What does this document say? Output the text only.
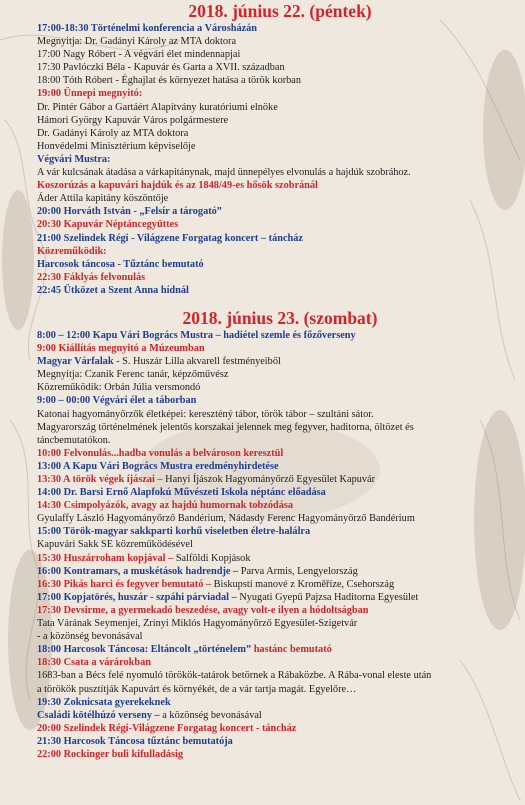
2018. június 22. (péntek)
17:00-18:30 Történelmi konferencia a Városházán
Megnyitja: Dr. Gadányi Károly az MTA doktora
17:00 Nagy Róbert - A végvári élet mindennapjai
17:30 Pavlóczki Béla - Kapuvár és Garta a XVII. században
18:00 Tóth Róbert - Éghajlat és környezet hatása a török korban
19:00 Ünnepi megnyitó:
Dr. Pintér Gábor a Gartáért Alapítvány kuratóriumi elnöke
Hámori György Kapuvár Város polgármestere
Dr. Gadányi Károly az MTA doktora
Honvédelmi Minisztérium képviselője
Végvári Mustra:
A vár kulcsának átadása a várkapitánynak, majd ünnepélyes elvonulás a hajdúk szobrához.
Koszorúzás a kapuvári hajdúk és az 1848/49-es hősök szobránál
Áder Attila kapitány köszöntője
20:00 Horváth István - „Felsír a tárogató”
20:30 Kapuvár Néptáncegyüttes
21:00 Szelindek Régi - Világzene Forgatag koncert – táncház
Közreműködik:
Harcosok táncosa - Tűztánc bemutató
22:30 Fáklyás felvonulás
22:45 Ütközet a Szent Anna hídnál
2018. június 23. (szombat)
8:00 – 12:00 Kapu Vári Bogrács Mustra – hadiétel szemle és főzőverseny
9:00 Kiállítás megnyitó a Múzeumban
Magyar Várfalak - S. Huszár Lilla akvarell festményeiből
Megnyitja: Czanik Ferenc tanár, képzőművész
Közreműködik: Orbán Júlia versmondó
9:00 – 00:00 Végvári élet a táborban
Katonai hagyományőrzők életképei: kereszténý tábor, török tábor – szultáni sátor.
Magyarország történelmének jelentős korszakai jelennek meg fegyver, haditorna, öltözet és
táncbemutatókon.
10:00 Felvonulás...hadba vonulás a belvároson keresztül
13:00 A Kapu Vári Bogrács Mustra eredményhirdetése
13:30 A török végek íjászai – Hanyi Íjászok Hagyományőrző Egyesület Kapuvár
14:00 Dr. Barsi Ernő Alapfokú Művészeti Iskola néptánc előadása
14:30 Csimpolyázók, avagy az hajdú humornak tobzódása
Gyulaffy László Hagyományőrző Bandérium, Nádasdy Ferenc Hagyományőrző Bandérium
15:00 Török-magyar sakkparti korhű viseletben életre-halálra
Kapuvári Sakk SE közreműködésével
15:30 Huszárroham kopjával – Salföldi Kopjások
16:00 Kontramars, a muskétások hadrendje – Parva Armis, Lengyelország
16:30 Pikás harci és fegyver bemutató – Biskupstí manové z Kroměříze, Csehország
17:00 Kopjatörés, huszár - szpáhi párviadal – Nyugati Gyepű Pajzsa Haditorna Egyesület
17:30 Devsirme, a gyermekadó beszedése, avagy volt-e ilyen a hódoltságban
Tata Várának Seymenjei, Zrínyi Miklós Hagyományőrző Egyesület-Szigetvár
- a közönség bevonásával
18:00 Harcosok Táncosa: Eltáncolt „történelem” hastánc bemutató
18:30 Csata a várárokban
1683-ban a Bécs felé nyomuló törökök-tatárok betörnek a Rábaközbe. A Rába-vonal eleste után
a törökök pusztítják Kapuvárt és környékét, de a vár tartja magát. Egyelőre…
19:30 Zoknicsata gyerekeknek
Családi kötélhúzó verseny – a közönség bevonásával
20:00 Szelindek Régi-Világzene Forgatag koncert - táncház
21:30 Harcosok Táncosa tűztánc bemutatója
22:00 Rockinger buli kifulladásig
